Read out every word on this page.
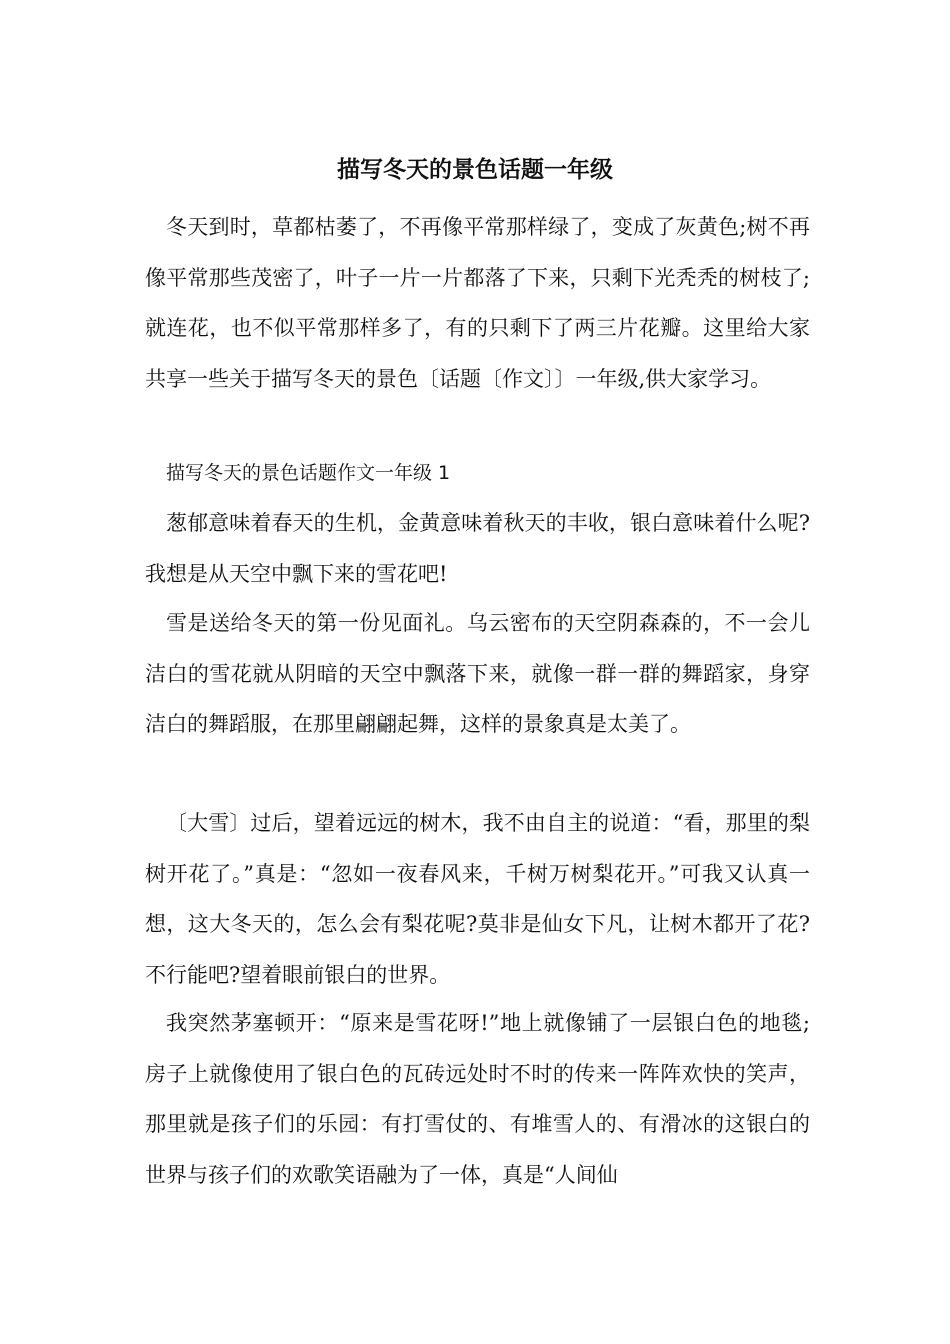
描写冬天的景色话题一年级

冬天到时，草都枯萎了，不再像平常那样绿了，变成了灰黄色;树不再像平常那些茂密了，叶子一片一片都落了下来，只剩下光秃秃的树枝了;就连花，也不似平常那样多了，有的只剩下了两三片花瓣。这里给大家共享一些关于描写冬天的景色〔话题〔作文〕〕一年级,供大家学习。

描写冬天的景色话题作文一年级 1

葱郁意味着春天的生机，金黄意味着秋天的丰收，银白意味着什么呢?我想是从天空中飘下来的雪花吧!

雪是送给冬天的第一份见面礼。乌云密布的天空阴森森的，不一会儿洁白的雪花就从阴暗的天空中飘落下来，就像一群一群的舞蹈家，身穿洁白的舞蹈服，在那里翩翩起舞，这样的景象真是太美了。

〔大雪〕过后，望着远远的树木，我不由自主的说道：“看，那里的梨树开花了。”真是：“忽如一夜春风来，千树万树梨花开。”可我又认真一想，这大冬天的，怎么会有梨花呢?莫非是仙女下凡，让树木都开了花?不行能吧?望着眼前银白的世界。

我突然茅塞顿开：“原来是雪花呀!”地上就像铺了一层银白色的地毯;房子上就像使用了银白色的瓦砖远处时不时的传来一阵阵欢快的笑声，那里就是孩子们的乐园：有打雪仗的、有堆雪人的、有滑冰的这银白的世界与孩子们的欢歌笑语融为了一体，真是“人间仙
